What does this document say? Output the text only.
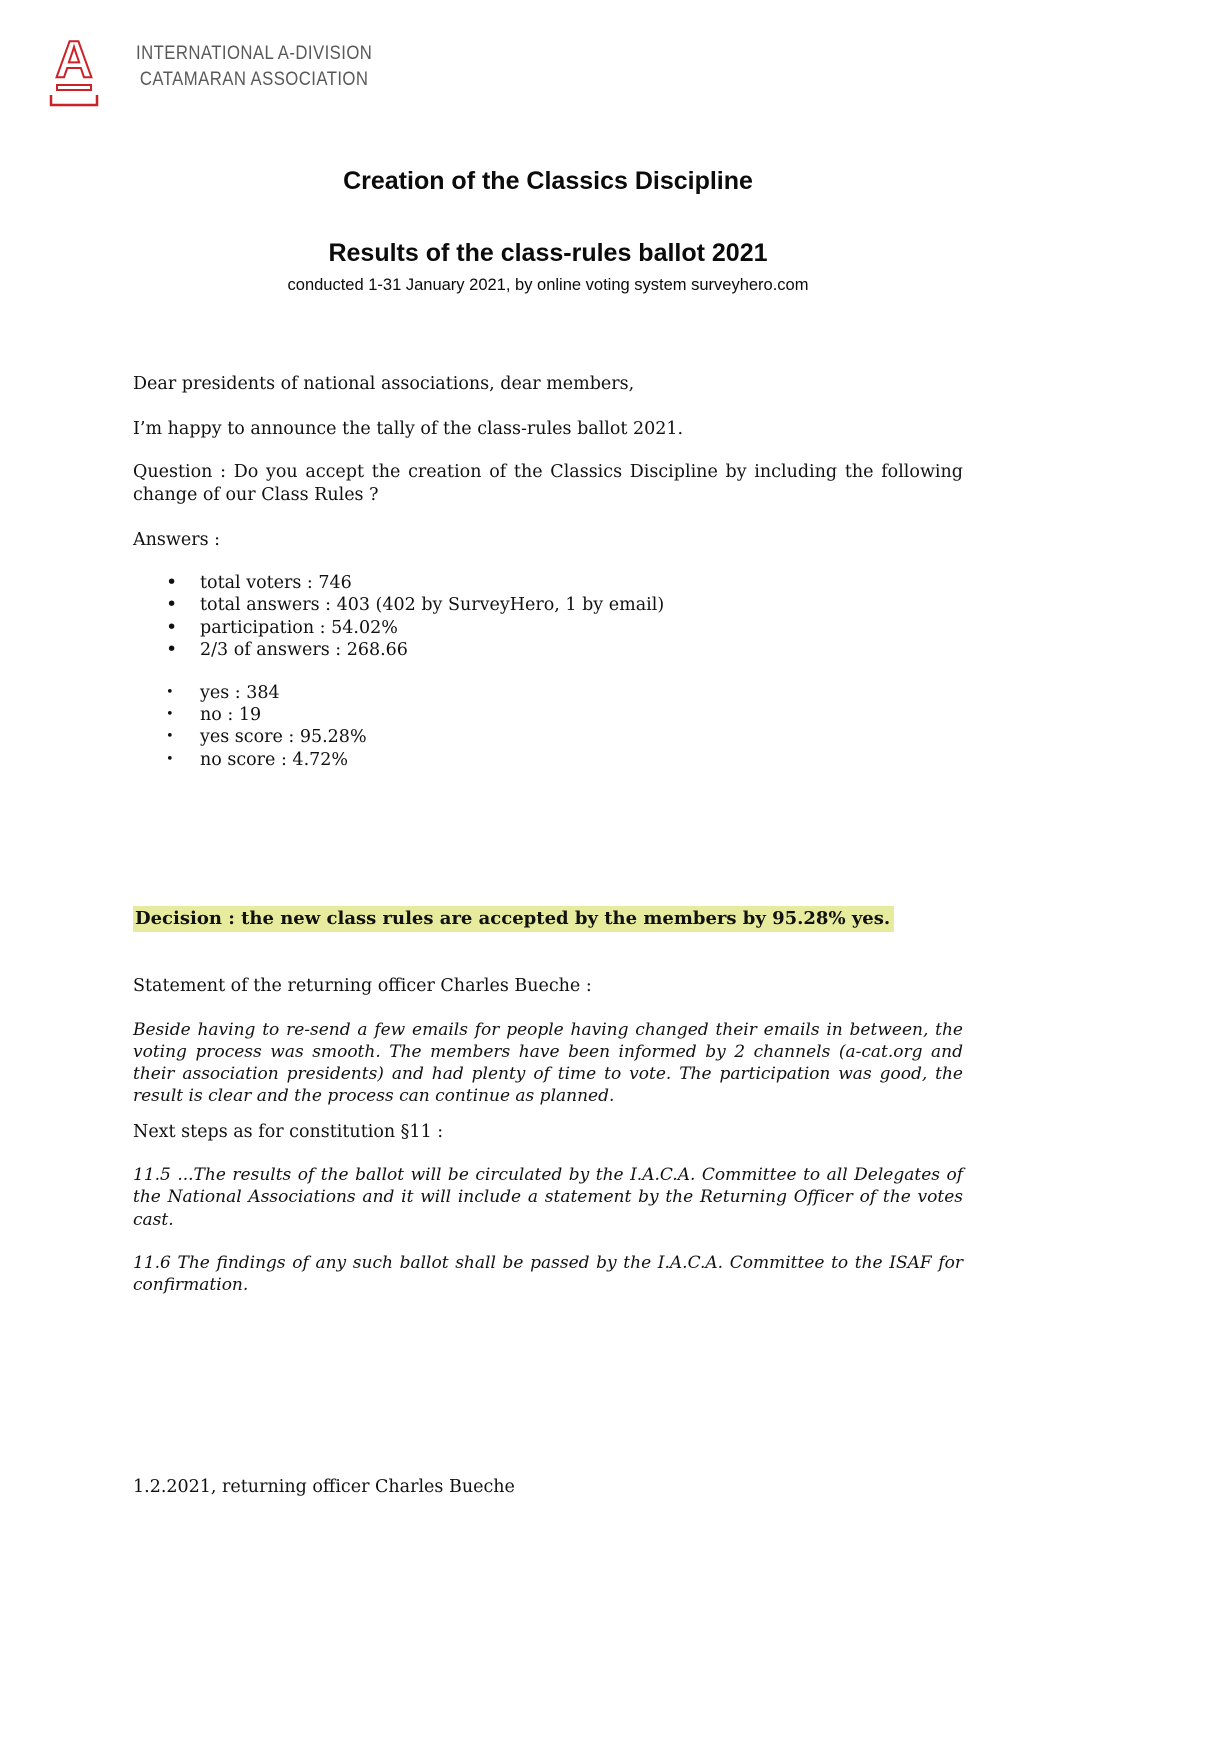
A INTERNATIONAL A-DIVISION
CATAMARAN ASSOCIATION
Creation of the Classics Discipline
Results of the class-rules ballot 2021

conducted 1-31 January 2021, by online voting system surveyhero.com

Dear presidents of national associations, dear members,

I’m happy to announce the tally of the class-rules ballot 2021.

Question : Do you accept the creation of the Classics Discipline by including the following change of our Class Rules ?

Answers :

• total voters : 746
• total answers : 403 (402 by SurveyHero, 1 by email)
• participation : 54.02%
• 2/3 of answers : 268.66
• yes : 384
• no : 19
• yes score : 95.28%
• no score : 4.72%

Decision : the new class rules are accepted by the members by 95.28% yes.

Statement of the returning officer Charles Bueche :

Beside having to re-send a few emails for people having changed their emails in between, the voting process was smooth. The members have been informed by 2 channels (a-cat.org and their association presidents) and had plenty of time to vote. The participation was good, the result is clear and the process can continue as planned.

Next steps as for constitution §11 :

11.5 ...The results of the ballot will be circulated by the I.A.C.A. Committee to all Delegates of the National Associations and it will include a statement by the Returning Officer of the votes cast.

11.6 The findings of any such ballot shall be passed by the I.A.C.A. Committee to the ISAF for confirmation.

1.2.2021, returning officer Charles Bueche
